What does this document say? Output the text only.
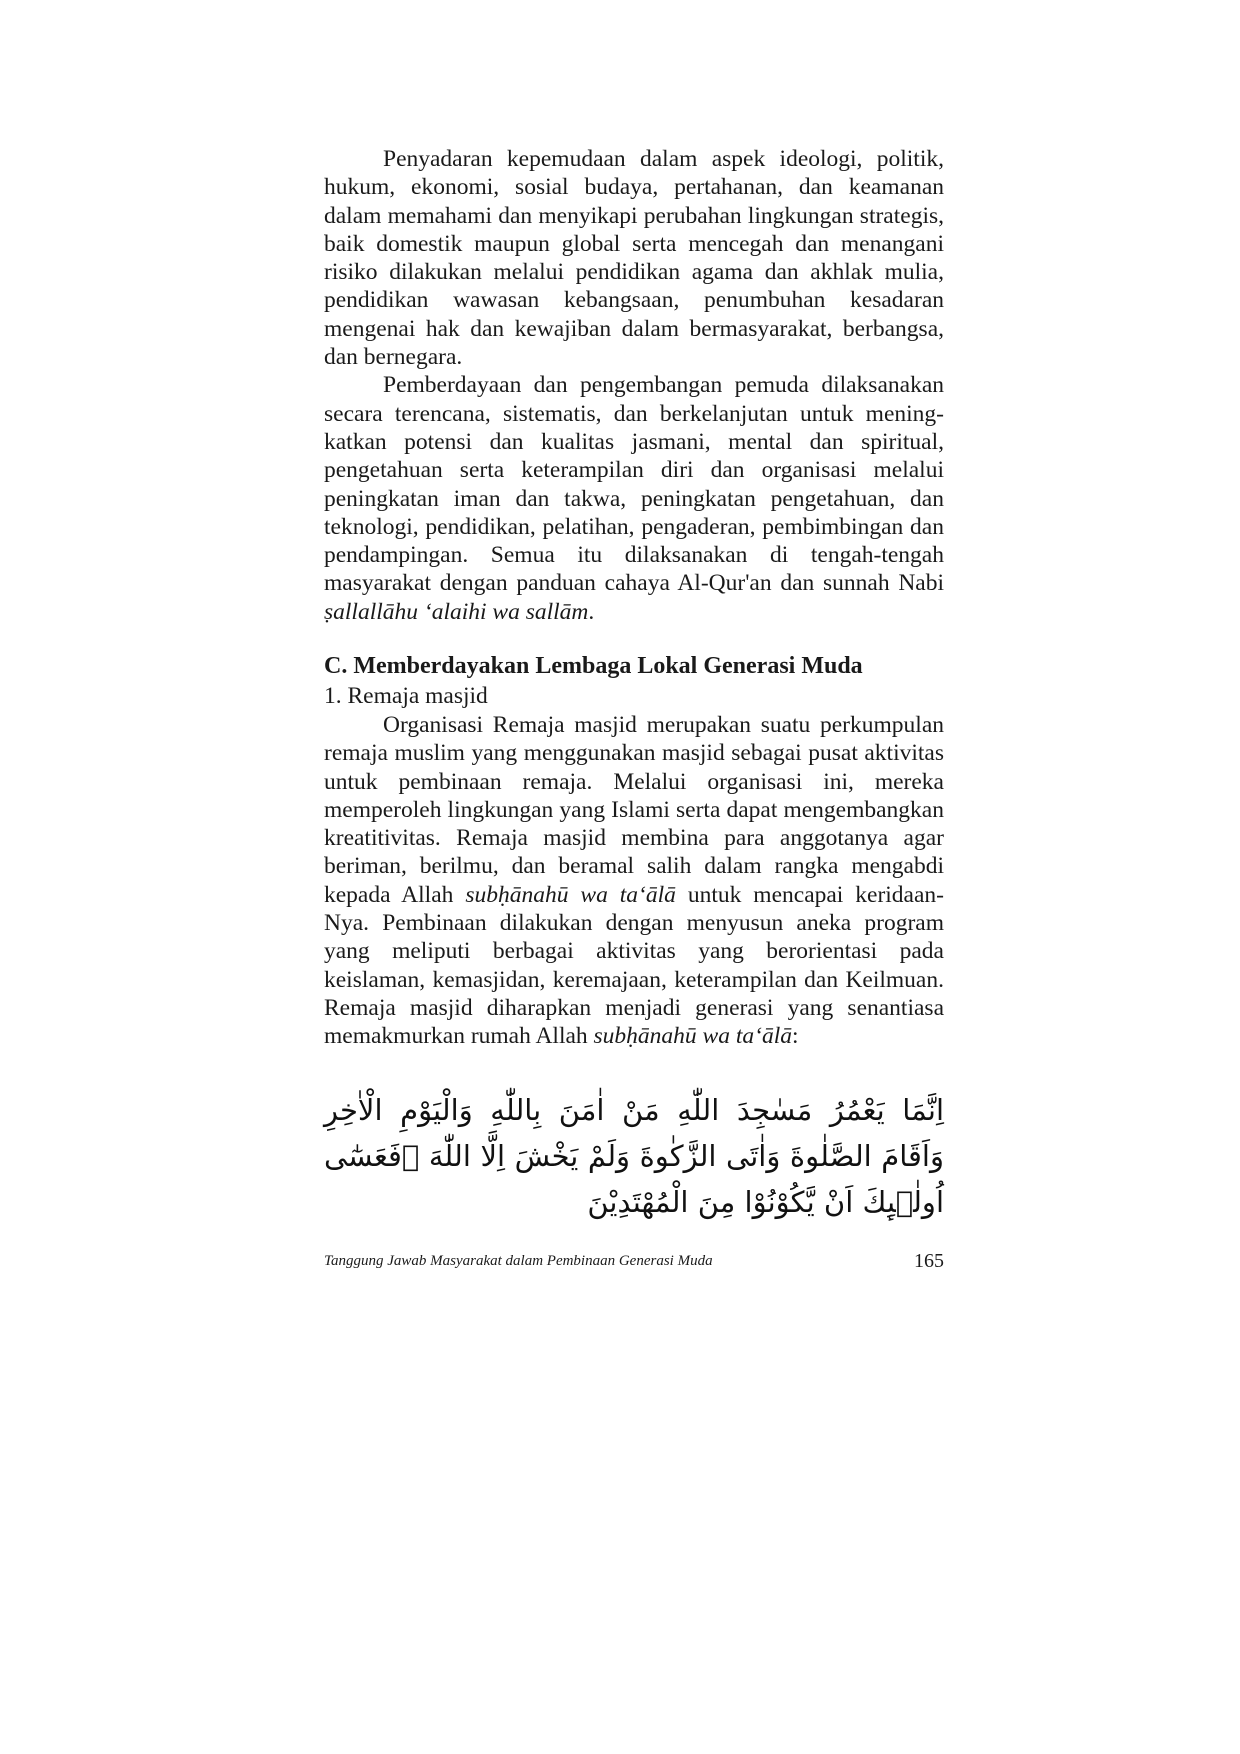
Penyadaran kepemudaan dalam aspek ideologi, politik, hukum, ekonomi, sosial budaya, pertahanan, dan keamanan dalam memahami dan menyikapi perubahan lingkungan strategis, baik domestik maupun global serta mencegah dan menangani risiko dilakukan melalui pendidikan agama dan akhlak mulia, pendidikan wawasan kebangsaan, penumbuhan kesadaran mengenai hak dan kewajiban dalam bermasyarakat, berbangsa, dan bernegara.

Pemberdayaan dan pengembangan pemuda dilaksanakan secara terencana, sistematis, dan berkelanjutan untuk meningkatkan potensi dan kualitas jasmani, mental dan spiritual, pengetahuan serta keterampilan diri dan organisasi melalui peningkatan iman dan takwa, peningkatan pengetahuan, dan teknologi, pendidikan, pelatihan, pengaderan, pembimbingan dan pendampingan. Semua itu dilaksanakan di tengah-tengah masyarakat dengan panduan cahaya Al-Qur'an dan sunnah Nabi ṣallallāhu ‘alaihi wa sallām.

C. Memberdayakan Lembaga Lokal Generasi Muda
1. Remaja masjid

Organisasi Remaja masjid merupakan suatu perkumpulan remaja muslim yang menggunakan masjid sebagai pusat aktivitas untuk pembinaan remaja. Melalui organisasi ini, mereka memperoleh lingkungan yang Islami serta dapat mengembangkan kreatitivitas. Remaja masjid membina para anggotanya agar beriman, berilmu, dan beramal salih dalam rangka mengabdi kepada Allah subḥānahū wa ta‘ālā untuk mencapai keridaan-Nya. Pembinaan dilakukan dengan menyusun aneka program yang meliputi berbagai aktivitas yang berorientasi pada keislaman, kemasjidan, keremajaan, keterampilan dan Keilmuan. Remaja masjid diharapkan menjadi generasi yang senantiasa memakmurkan rumah Allah subḥānahū wa ta‘ālā:

اِنَّمَا يَعْمُرُ مَسٰجِدَ اللّٰهِ مَنْ اٰمَنَ بِاللّٰهِ وَالْيَوْمِ الْاٰخِرِ وَاَقَامَ الصَّلٰوةَ وَاٰتَى الزَّكٰوةَ وَلَمْ يَخْشَ اِلَّا اللّٰهَ ۗفَعَسٰٓى اُولٰۤىِٕكَ اَنْ يَّكُوْنُوْا مِنَ الْمُهْتَدِيْنَ
Tanggung Jawab Masyarakat dalam Pembinaan Generasi Muda	165
